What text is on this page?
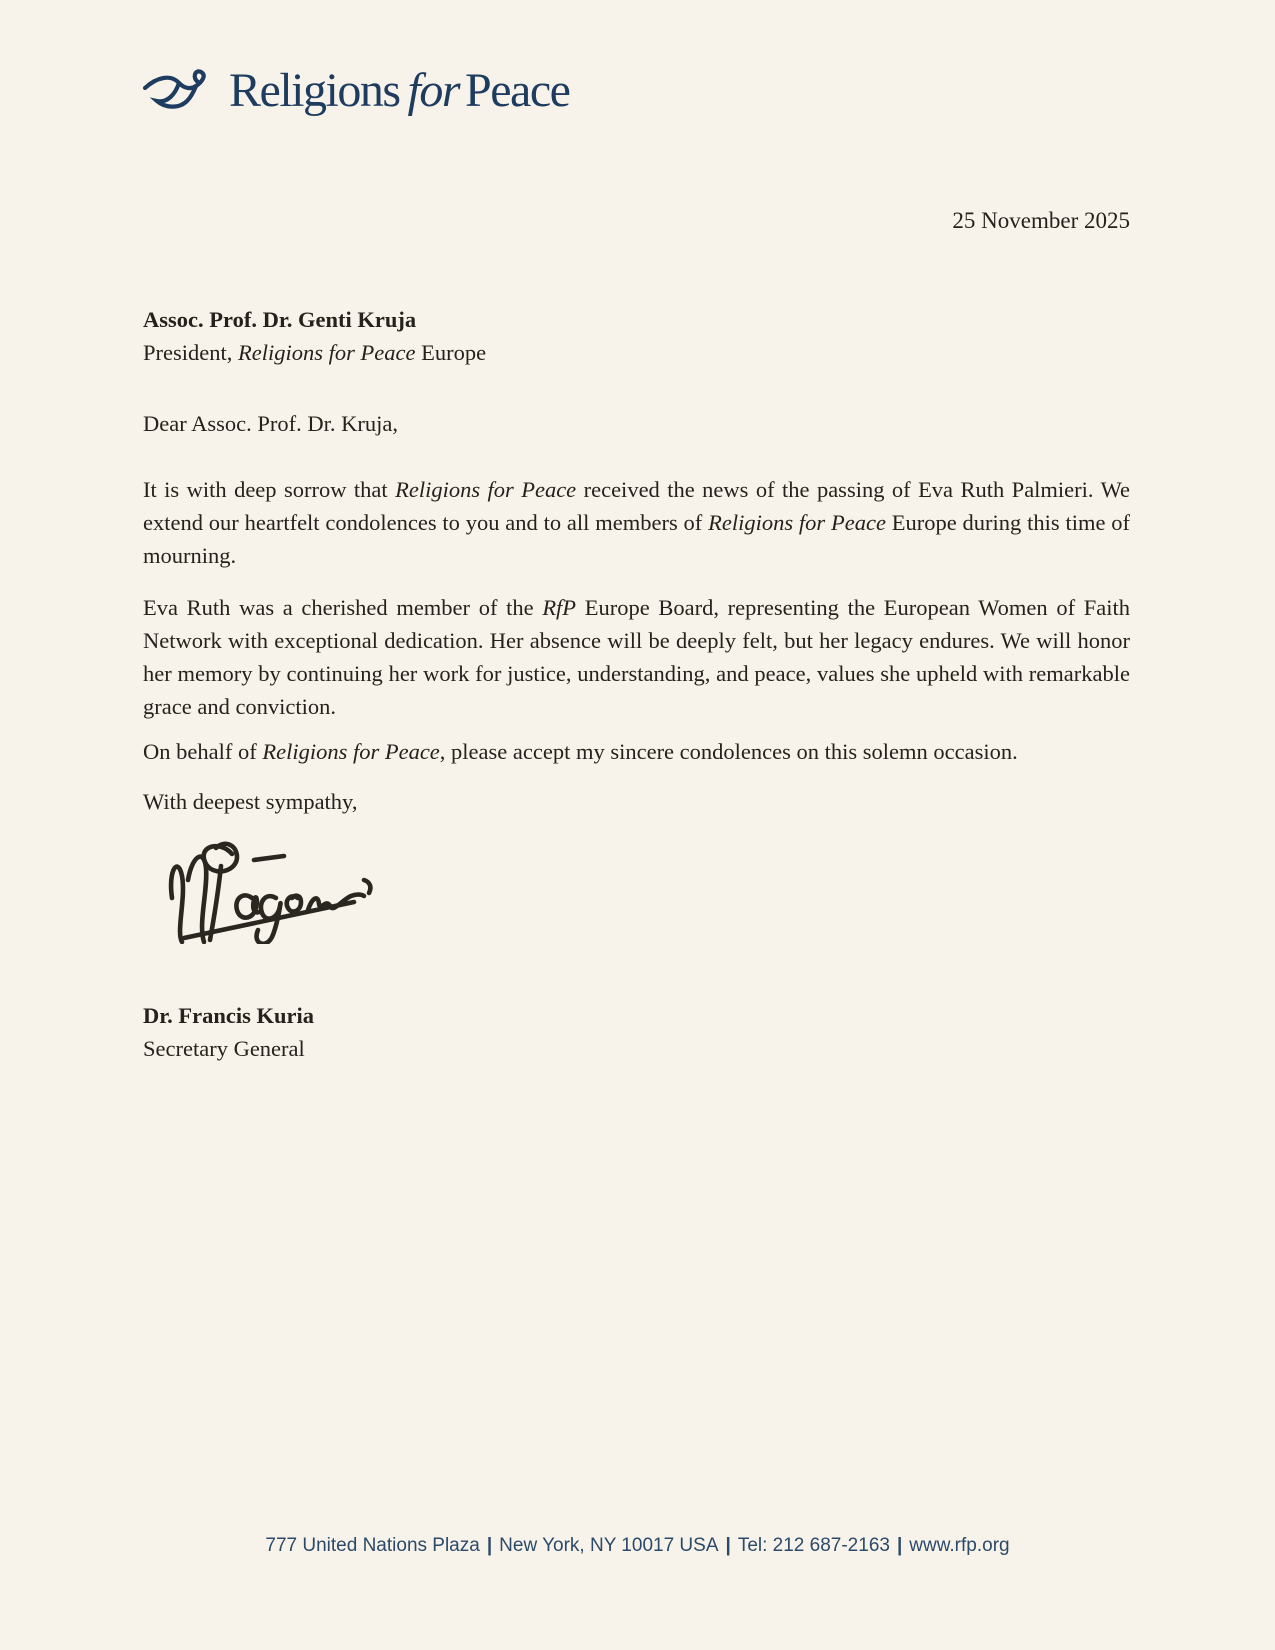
Religions for Peace
25 November 2025
Assoc. Prof. Dr. Genti Kruja
President, Religions for Peace Europe
Dear Assoc. Prof. Dr. Kruja,

It is with deep sorrow that Religions for Peace received the news of the passing of Eva Ruth Palmieri. We extend our heartfelt condolences to you and to all members of Religions for Peace Europe during this time of mourning.

Eva Ruth was a cherished member of the RfP Europe Board, representing the European Women of Faith Network with exceptional dedication. Her absence will be deeply felt, but her legacy endures. We will honor her memory by continuing her work for justice, understanding, and peace, values she upheld with remarkable grace and conviction.

On behalf of Religions for Peace, please accept my sincere condolences on this solemn occasion.

With deepest sympathy,
Dr. Francis Kuria
Secretary General
777 United Nations Plaza | New York, NY 10017 USA | Tel: 212 687-2163 | www.rfp.org
